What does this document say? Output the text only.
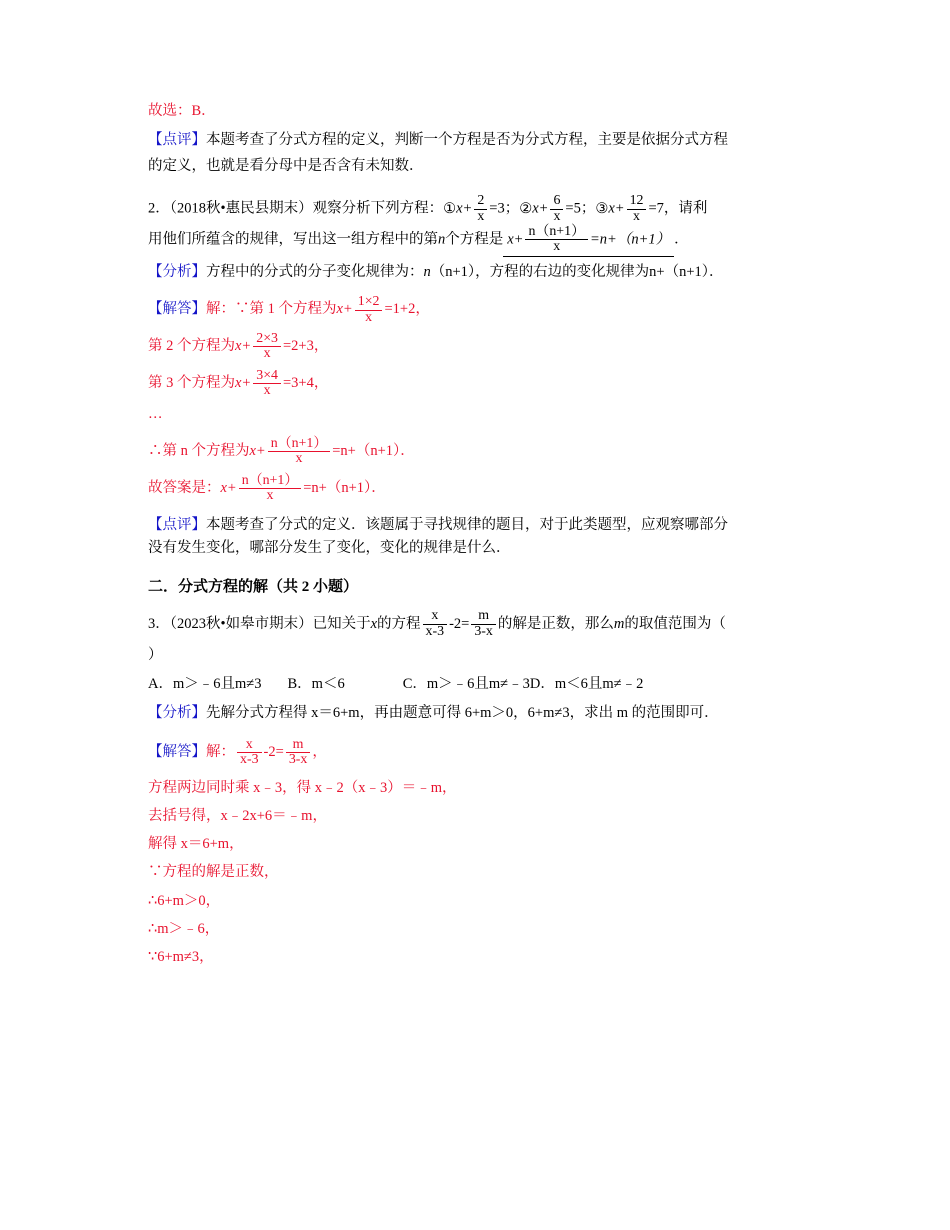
故选：B．
【点评】本题考查了分式方程的定义，判断一个方程是否为分式方程，主要是依据分式方程
的定义，也就是看分母中是否含有未知数．
2．（2018秋•惠民县期末）观察分析下列方程：①x+ $\frac{2}{x} =3$；②x+ $\frac{6}{x} =5$；③x+ $\frac{12}{x} =7$，请利
用他们所蕴含的规律，写出这一组方程中的第n个方程是 $x+ \frac{n(n+1)}{x} =n+(n+1)$ ．
【分析】方程中的分式的分子变化规律为：n（n+1），方程的右边的变化规律为n+（n+1）．
【解答】解：∵第 1 个方程为$x+ \frac{1\times 2}{x} =1+2$，
第 2 个方程为$x+ \frac{2\times 3}{x} =2+3$，
第 3 个方程为$x+ \frac{3\times 4}{x} =3+4$，
…
∴第 n 个方程为$x+ \frac{n(n+1)}{x} =n+(n+1)$．
故答案是：$x+ \frac{n(n+1)}{x} =n+(n+1)$．
【点评】本题考查了分式的定义．该题属于寻找规律的题目，对于此类题型，应观察哪部分
没有发生变化，哪部分发生了变化，变化的规律是什么．
二．分式方程的解（共 2 小题）
3．（2023秋•如皋市期末）已知关于x的方程 $\frac{x}{x-3} -2= \frac{m}{3-x}$ 的解是正数，那么m的取值范围为（
）
A．m＞﹣6且m≠3 B．m＜6	C．m＞﹣6且m≠﹣3D．m＜6且m≠﹣2
【分析】先解分式方程得 x＝6+m，再由题意可得 6+m＞0，6+m≠3，求出 m 的范围即可．
【解答】解： $\frac{x}{x-3} -2= \frac{m}{3-x}$ ，
方程两边同时乘 x﹣3，得 x﹣2（x﹣3）＝﹣m，
去括号得，x﹣2x+6＝﹣m，
解得 x＝6+m，
∵方程的解是正数，
∴6+m＞0，
∴m＞﹣6，
∵6+m≠3，
